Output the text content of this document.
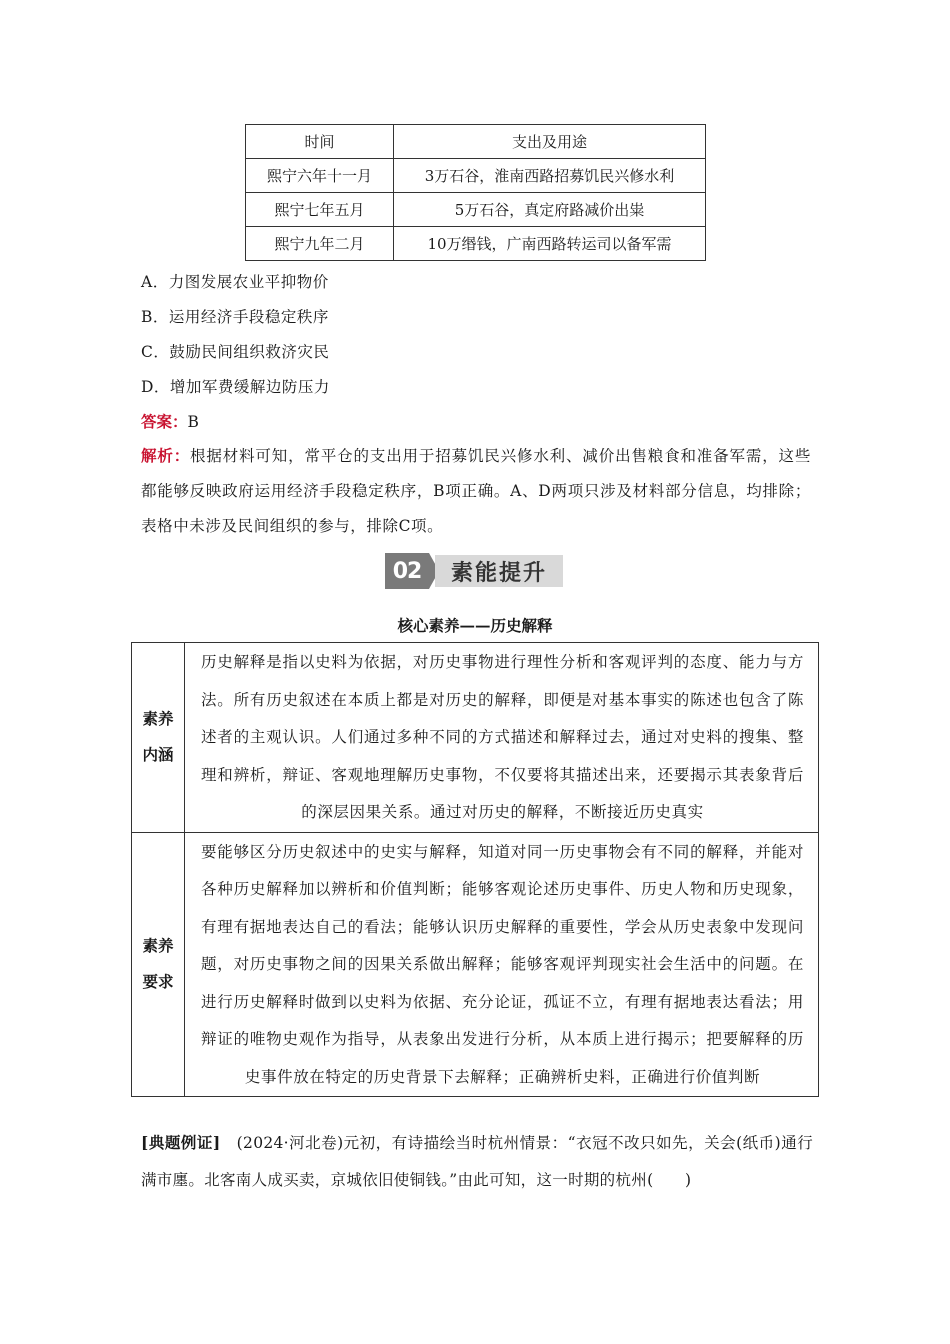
时间	支出及用途
熙宁六年十一月	3万石谷，淮南西路招募饥民兴修水利
熙宁七年五月	5万石谷，真定府路减价出粜
熙宁九年二月	10万缗钱，广南西路转运司以备军需
A．力图发展农业平抑物价
B．运用经济手段稳定秩序
C．鼓励民间组织救济灾民
D．增加军费缓解边防压力
答案：B
解析：根据材料可知，常平仓的支出用于招募饥民兴修水利、减价出售粮食和准备军需，这些都能够反映政府运用经济手段稳定秩序，B项正确。A、D两项只涉及材料部分信息，均排除；表格中未涉及民间组织的参与，排除C项。
02	素能提升
核心素养——历史解释
素养内涵
历史解释是指以史料为依据，对历史事物进行理性分析和客观评判的态度、能力与方法。所有历史叙述在本质上都是对历史的解释，即便是对基本事实的陈述也包含了陈述者的主观认识。人们通过多种不同的方式描述和解释过去，通过对史料的搜集、整理和辨析，辩证、客观地理解历史事物，不仅要将其描述出来，还要揭示其表象背后的深层因果关系。通过对历史的解释，不断接近历史真实
素养要求
要能够区分历史叙述中的史实与解释，知道对同一历史事物会有不同的解释，并能对各种历史解释加以辨析和价值判断；能够客观论述历史事件、历史人物和历史现象，有理有据地表达自己的看法；能够认识历史解释的重要性，学会从历史表象中发现问题，对历史事物之间的因果关系做出解释；能够客观评判现实社会生活中的问题。在进行历史解释时做到以史料为依据、充分论证，孤证不立，有理有据地表达看法；用辩证的唯物史观作为指导，从表象出发进行分析，从本质上进行揭示；把要解释的历史事件放在特定的历史背景下去解释；正确辨析史料，正确进行价值判断
[典题例证]　(2024·河北卷)元初，有诗描绘当时杭州情景：“衣冠不改只如先，关会(纸币)通行满市廛。北客南人成买卖，京城依旧使铜钱。”由此可知，这一时期的杭州(　　)
